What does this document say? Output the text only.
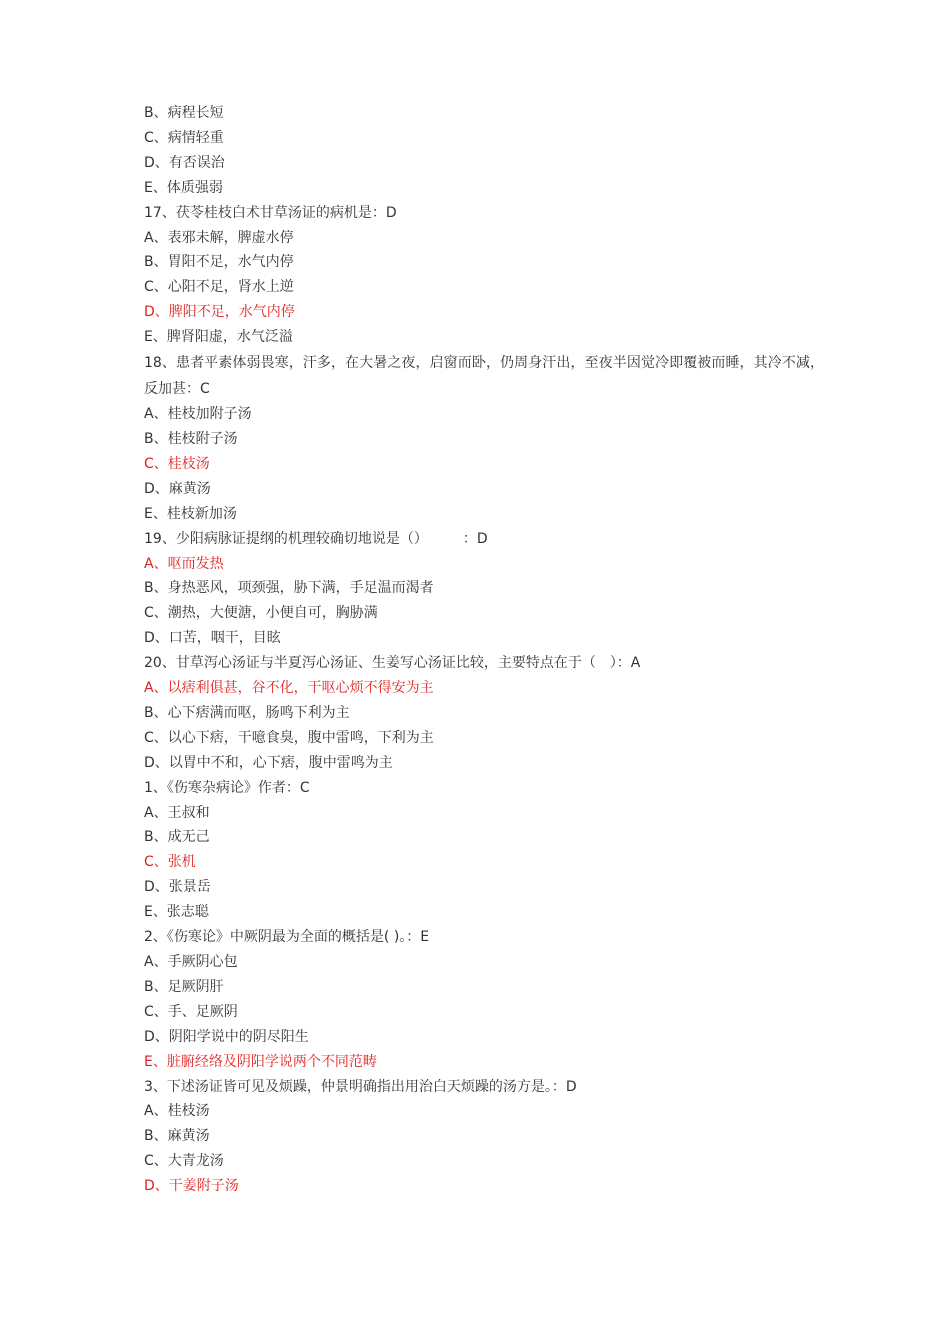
B、病程长短

C、病情轻重

D、有否误治

E、体质强弱

17、茯苓桂枝白术甘草汤证的病机是：D

A、表邪未解，脾虚水停

B、胃阳不足，水气内停

C、心阳不足，肾水上逆

D、脾阳不足，水气内停

E、脾肾阳虚，水气泛溢

18、患者平素体弱畏寒，汗多，在大暑之夜，启窗而卧，仍周身汗出，至夜半因觉冷即覆被而睡，其冷不减，反加甚：C

A、桂枝加附子汤

B、桂枝附子汤

C、桂枝汤

D、麻黄汤

E、桂枝新加汤

19、少阳病脉证提纲的机理较确切地说是（）　　　：D

A、呕而发热

B、身热恶风，项颈强，胁下满，手足温而渴者

C、潮热，大便溏，小便自可，胸胁满

D、口苦，咽干，目眩

20、甘草泻心汤证与半夏泻心汤证、生姜写心汤证比较，主要特点在于（　）：A

A、以痞利俱甚，谷不化，干呕心烦不得安为主

B、心下痞满而呕，肠鸣下利为主

C、以心下痞，干噫食臭，腹中雷鸣，下利为主

D、以胃中不和，心下痞，腹中雷鸣为主

1、《伤寒杂病论》作者：C

A、王叔和

B、成无己

C、张机

D、张景岳

E、张志聪

2、《伤寒论》中厥阴最为全面的概括是( )。：E

A、手厥阴心包

B、足厥阴肝

C、手、足厥阴

D、阴阳学说中的阴尽阳生

E、脏腑经络及阴阳学说两个不同范畴

3、下述汤证皆可见及烦躁，仲景明确指出用治白天烦躁的汤方是。：D

A、桂枝汤

B、麻黄汤

C、大青龙汤

D、干姜附子汤
